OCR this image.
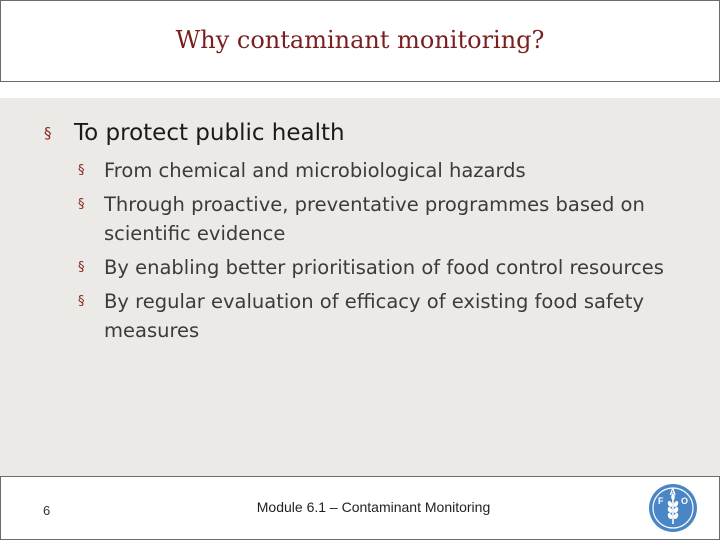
Why contaminant monitoring?
§ To protect public health
§ From chemical and microbiological hazards
§ Through proactive, preventative programmes based on scientific evidence
§ By enabling better prioritisation of food control resources
§ By regular evaluation of efficacy of existing food safety measures
6	Module 6.1 – Contaminant Monitoring	F
A
O
